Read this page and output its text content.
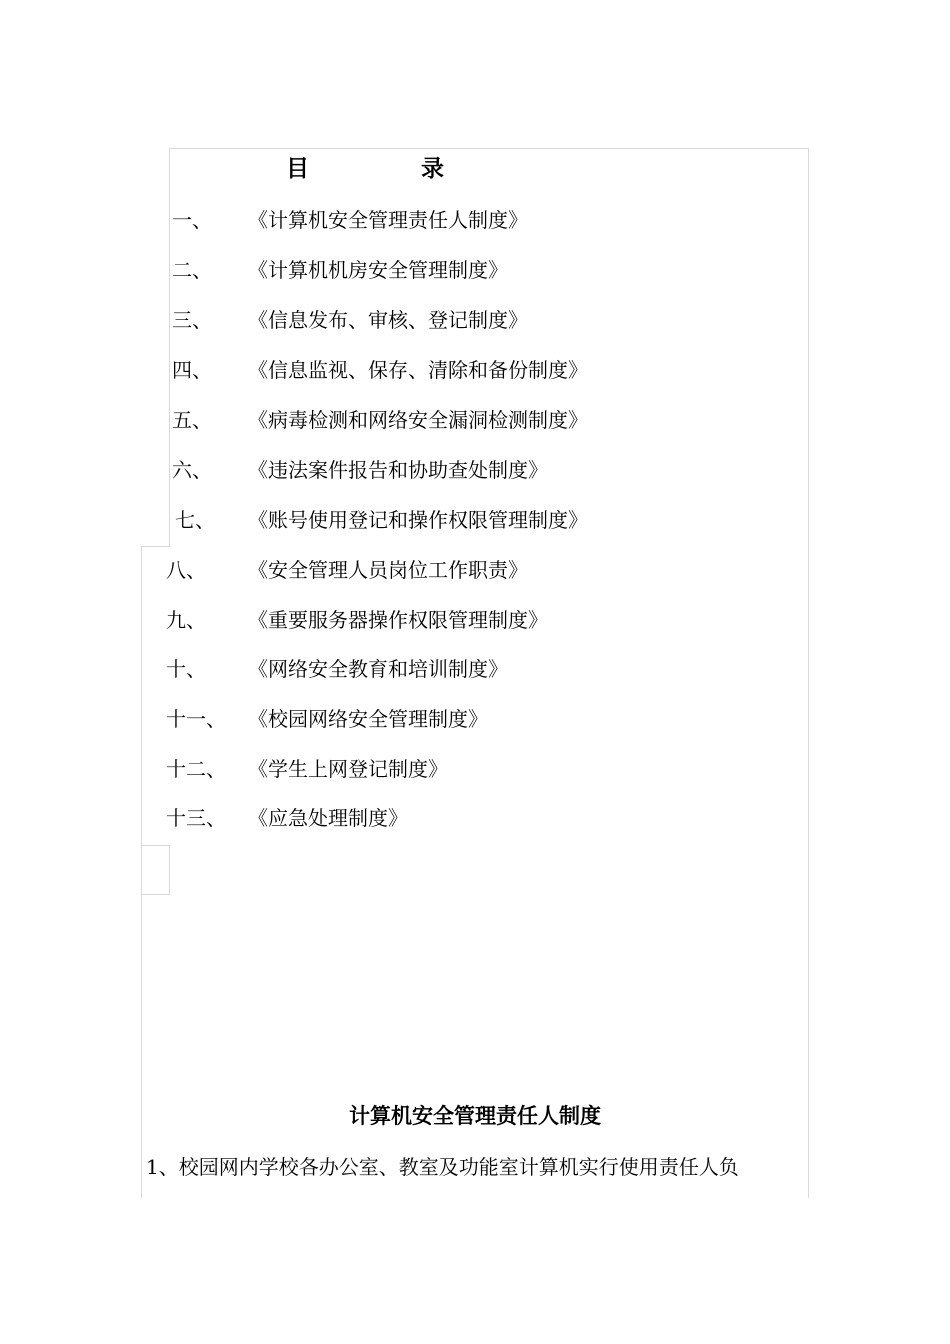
目	录
一、 《计算机安全管理责任人制度》
二、 《计算机机房安全管理制度》
三、 《信息发布、审核、登记制度》
四、 《信息监视、保存、清除和备份制度》
五、 《病毒检测和网络安全漏洞检测制度》
六、 《违法案件报告和协助查处制度》
七、 《账号使用登记和操作权限管理制度》
八、 《安全管理人员岗位工作职责》
九、 《重要服务器操作权限管理制度》
十、 《网络安全教育和培训制度》
十一、 《校园网络安全管理制度》
十二、 《学生上网登记制度》
十三、 《应急处理制度》
计算机安全管理责任人制度
1、校园网内学校各办公室、教室及功能室计算机实行使用责任人负
